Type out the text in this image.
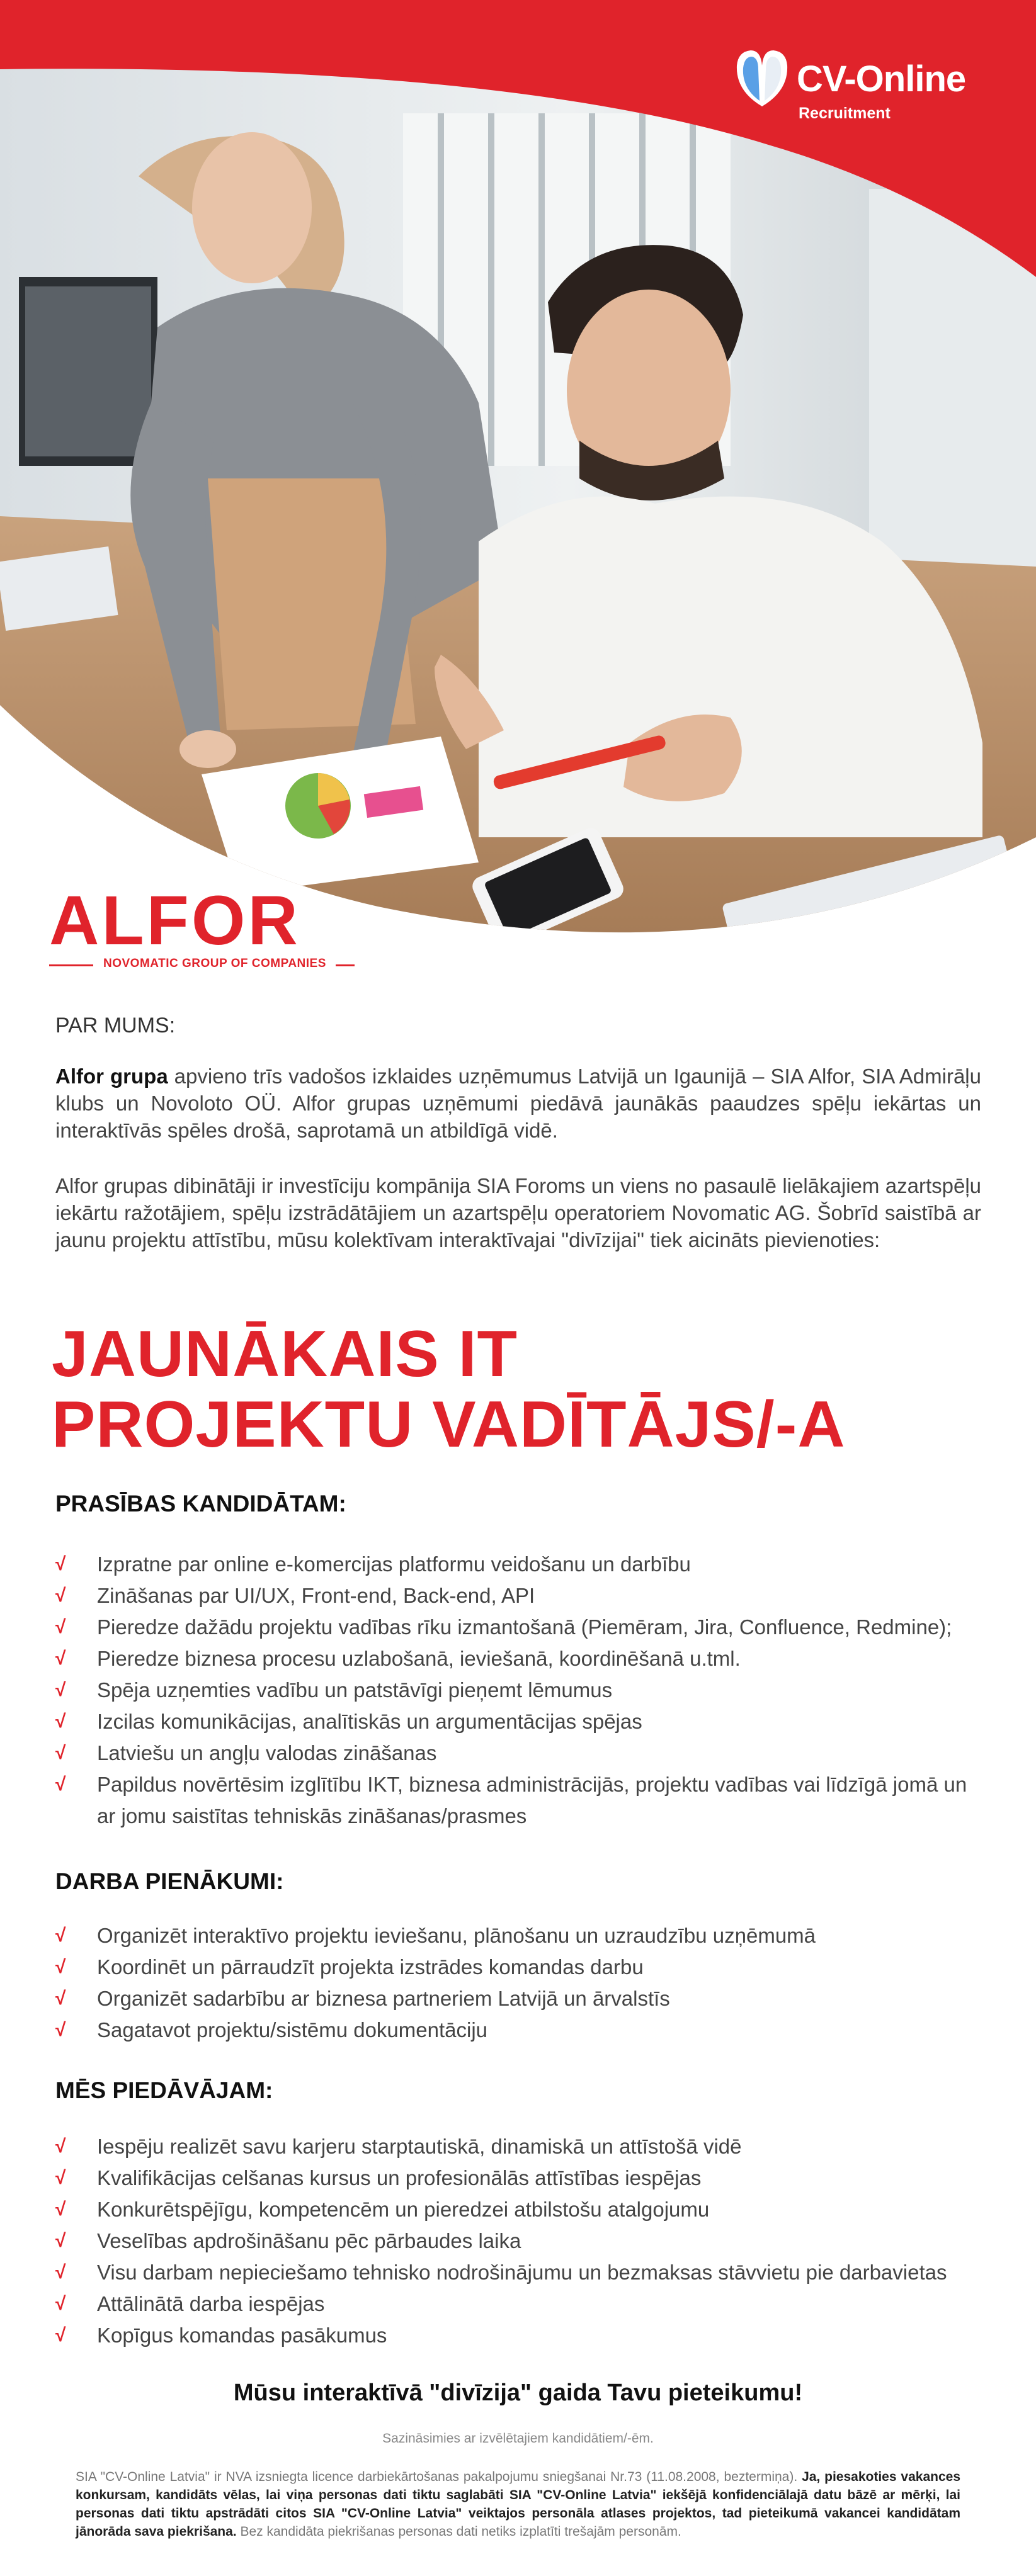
CV-Online
Recruitment
ALFOR
NOVOMATIC GROUP OF COMPANIES
PAR MUMS:
Alfor grupa apvieno trīs vadošos izklaides uzņēmumus Latvijā un Igaunijā – SIA Alfor, SIA Admirāļu klubs un Novoloto OÜ. Alfor grupas uzņēmumi piedāvā jaunākās paaudzes spēļu iekārtas un interaktīvās spēles drošā, saprotamā un atbildīgā vidē.
Alfor grupas dibinātāji ir investīciju kompānija SIA Foroms un viens no pasaulē lielākajiem azartspēļu iekārtu ražotājiem, spēļu izstrādātājiem un azartspēļu operatoriem Novomatic AG. Šobrīd saistībā ar jaunu projektu attīstību, mūsu kolektīvam interaktīvajai "divīzijai" tiek aicināts pievienoties:
JAUNĀKAIS IT
PROJEKTU VADĪTĀJS/-A
PRASĪBAS KANDIDĀTAM:
√ Izpratne par online e-komercijas platformu veidošanu un darbību
√ Zināšanas par UI/UX, Front-end, Back-end, API
√ Pieredze dažādu projektu vadības rīku izmantošanā (Piemēram, Jira, Confluence, Redmine);
√ Pieredze biznesa procesu uzlabošanā, ieviešanā, koordinēšanā u.tml.
√ Spēja uzņemties vadību un patstāvīgi pieņemt lēmumus
√ Izcilas komunikācijas, analītiskās un argumentācijas spējas
√ Latviešu un angļu valodas zināšanas
√ Papildus novērtēsim izglītību IKT, biznesa administrācijās, projektu vadības vai līdzīgā jomā un ar jomu saistītas tehniskās zināšanas/prasmes
DARBA PIENĀKUMI:
√ Organizēt interaktīvo projektu ieviešanu, plānošanu un uzraudzību uzņēmumā
√ Koordinēt un pārraudzīt projekta izstrādes komandas darbu
√ Organizēt sadarbību ar biznesa partneriem Latvijā un ārvalstīs
√ Sagatavot projektu/sistēmu dokumentāciju
MĒS PIEDĀVĀJAM:
√ Iespēju realizēt savu karjeru starptautiskā, dinamiskā un attīstošā vidē
√ Kvalifikācijas celšanas kursus un profesionālās attīstības iespējas
√ Konkurētspējīgu, kompetencēm un pieredzei atbilstošu atalgojumu
√ Veselības apdrošināšanu pēc pārbaudes laika
√ Visu darbam nepieciešamo tehnisko nodrošinājumu un bezmaksas stāvvietu pie darbavietas
√ Attālinātā darba iespējas
√ Kopīgus komandas pasākumus
Mūsu interaktīvā "divīzija" gaida Tavu pieteikumu!
Sazināsimies ar izvēlētajiem kandidātiem/-ēm.
SIA "CV-Online Latvia" ir NVA izsniegta licence darbiekārtošanas pakalpojumu sniegšanai Nr.73 (11.08.2008, beztermiņa). Ja, piesakoties vakances konkursam, kandidāts vēlas, lai viņa personas dati tiktu saglabāti SIA "CV-Online Latvia" iekšējā konfidenciālajā datu bāzē ar mērķi, lai personas dati tiktu apstrādāti citos SIA "CV-Online Latvia" veiktajos personāla atlases projektos, tad pieteikumā vakancei kandidātam jānorāda sava piekrišana. Bez kandidāta piekrišanas personas dati netiks izplatīti trešajām personām.
